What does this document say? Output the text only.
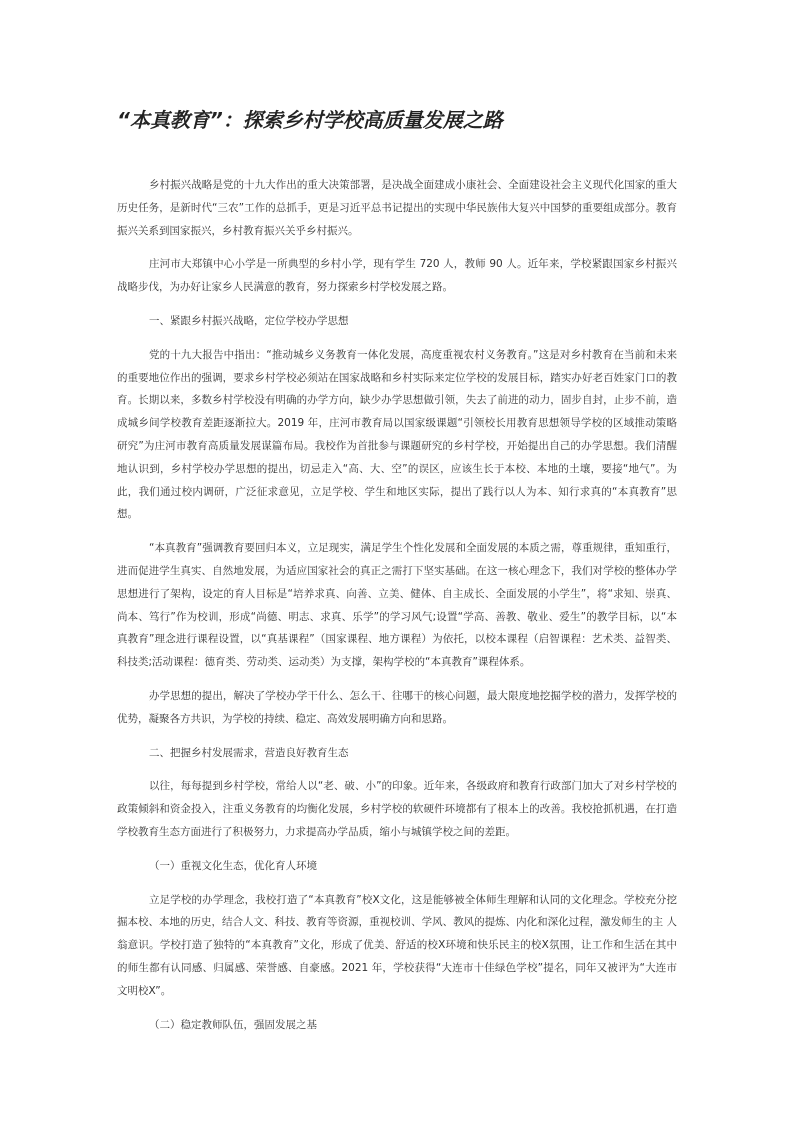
“本真教育”：探索乡村学校高质量发展之路

乡村振兴战略是党的十九大作出的重大决策部署，是决战全面建成小康社会、全面建设社会主义现代化国家的重大历史任务，是新时代“三农”工作的总抓手，更是习近平总书记提出的实现中华民族伟大复兴中国梦的重要组成部分。教育振兴关系到国家振兴，乡村教育振兴关乎乡村振兴。

庄河市大郑镇中心小学是一所典型的乡村小学，现有学生 720 人，教师 90 人。近年来，学校紧跟国家乡村振兴战略步伐，为办好让家乡人民满意的教育，努力探索乡村学校发展之路。

一、紧跟乡村振兴战略，定位学校办学思想

党的十九大报告中指出：“推动城乡义务教育一体化发展，高度重视农村义务教育。”这是对乡村教育在当前和未来的重要地位作出的强调，要求乡村学校必须站在国家战略和乡村实际来定位学校的发展目标，踏实办好老百姓家门口的教育。长期以来，多数乡村学校没有明确的办学方向，缺少办学思想做引领，失去了前进的动力，固步自封，止步不前，造成城乡间学校教育差距逐渐拉大。2019 年，庄河市教育局以国家级课题“引领校长用教育思想领导学校的区域推动策略研究”为庄河市教育高质量发展谋篇布局。我校作为首批参与课题研究的乡村学校，开始提出自己的办学思想。我们清醒地认识到，乡村学校办学思想的提出，切忌走入“高、大、空”的误区，应该生长于本校、本地的土壤，要接“地气”。为此，我们通过校内调研，广泛征求意见，立足学校、学生和地区实际，提出了践行以人为本、知行求真的“本真教育”思想。

“本真教育”强调教育要回归本义，立足现实，满足学生个性化发展和全面发展的本质之需，尊重规律，重知重行，进而促进学生真实、自然地发展，为适应国家社会的真正之需打下坚实基础。在这一核心理念下，我们对学校的整体办学思想进行了架构，设定的育人目标是“培养求真、向善、立美、健体、自主成长、全面发展的小学生”，将“求知、崇真、尚本、笃行”作为校训，形成“尚德、明志、求真、乐学”的学习风气;设置“学高、善教、敬业、爱生”的教学目标，以“本真教育”理念进行课程设置，以“真基课程”（国家课程、地方课程）为依托，以校本课程（启智课程：艺术类、益智类、科技类;活动课程：德育类、劳动类、运动类）为支撑，架构学校的“本真教育”课程体系。

办学思想的提出，解决了学校办学干什么、怎么干、往哪干的核心问题，最大限度地挖掘学校的潜力，发挥学校的优势，凝聚各方共识，为学校的持续、稳定、高效发展明确方向和思路。

二、把握乡村发展需求，营造良好教育生态

以往，每每提到乡村学校，常给人以“老、破、小”的印象。近年来，各级政府和教育行政部门加大了对乡村学校的政策倾斜和资金投入，注重义务教育的均衡化发展，乡村学校的软硬件环境都有了根本上的改善。我校抢抓机遇，在打造学校教育生态方面进行了积极努力，力求提高办学品质，缩小与城镇学校之间的差距。

（一）重视文化生态，优化育人环境

立足学校的办学理念，我校打造了“本真教育”校X文化，这是能够被全体师生理解和认同的文化理念。学校充分挖掘本校、本地的历史，结合人文、科技、教育等资源，重视校训、学风、教风的提炼、内化和深化过程，激发师生的主 人翁意识。学校打造了独特的“本真教育”文化，形成了优美、舒适的校X环境和快乐民主的校X氛围，让工作和生活在其中的师生都有认同感、归属感、荣誉感、自豪感。2021 年，学校获得“大连市十佳绿色学校”提名，同年又被评为“大连市文明校X”。

（二）稳定教师队伍，强固发展之基
